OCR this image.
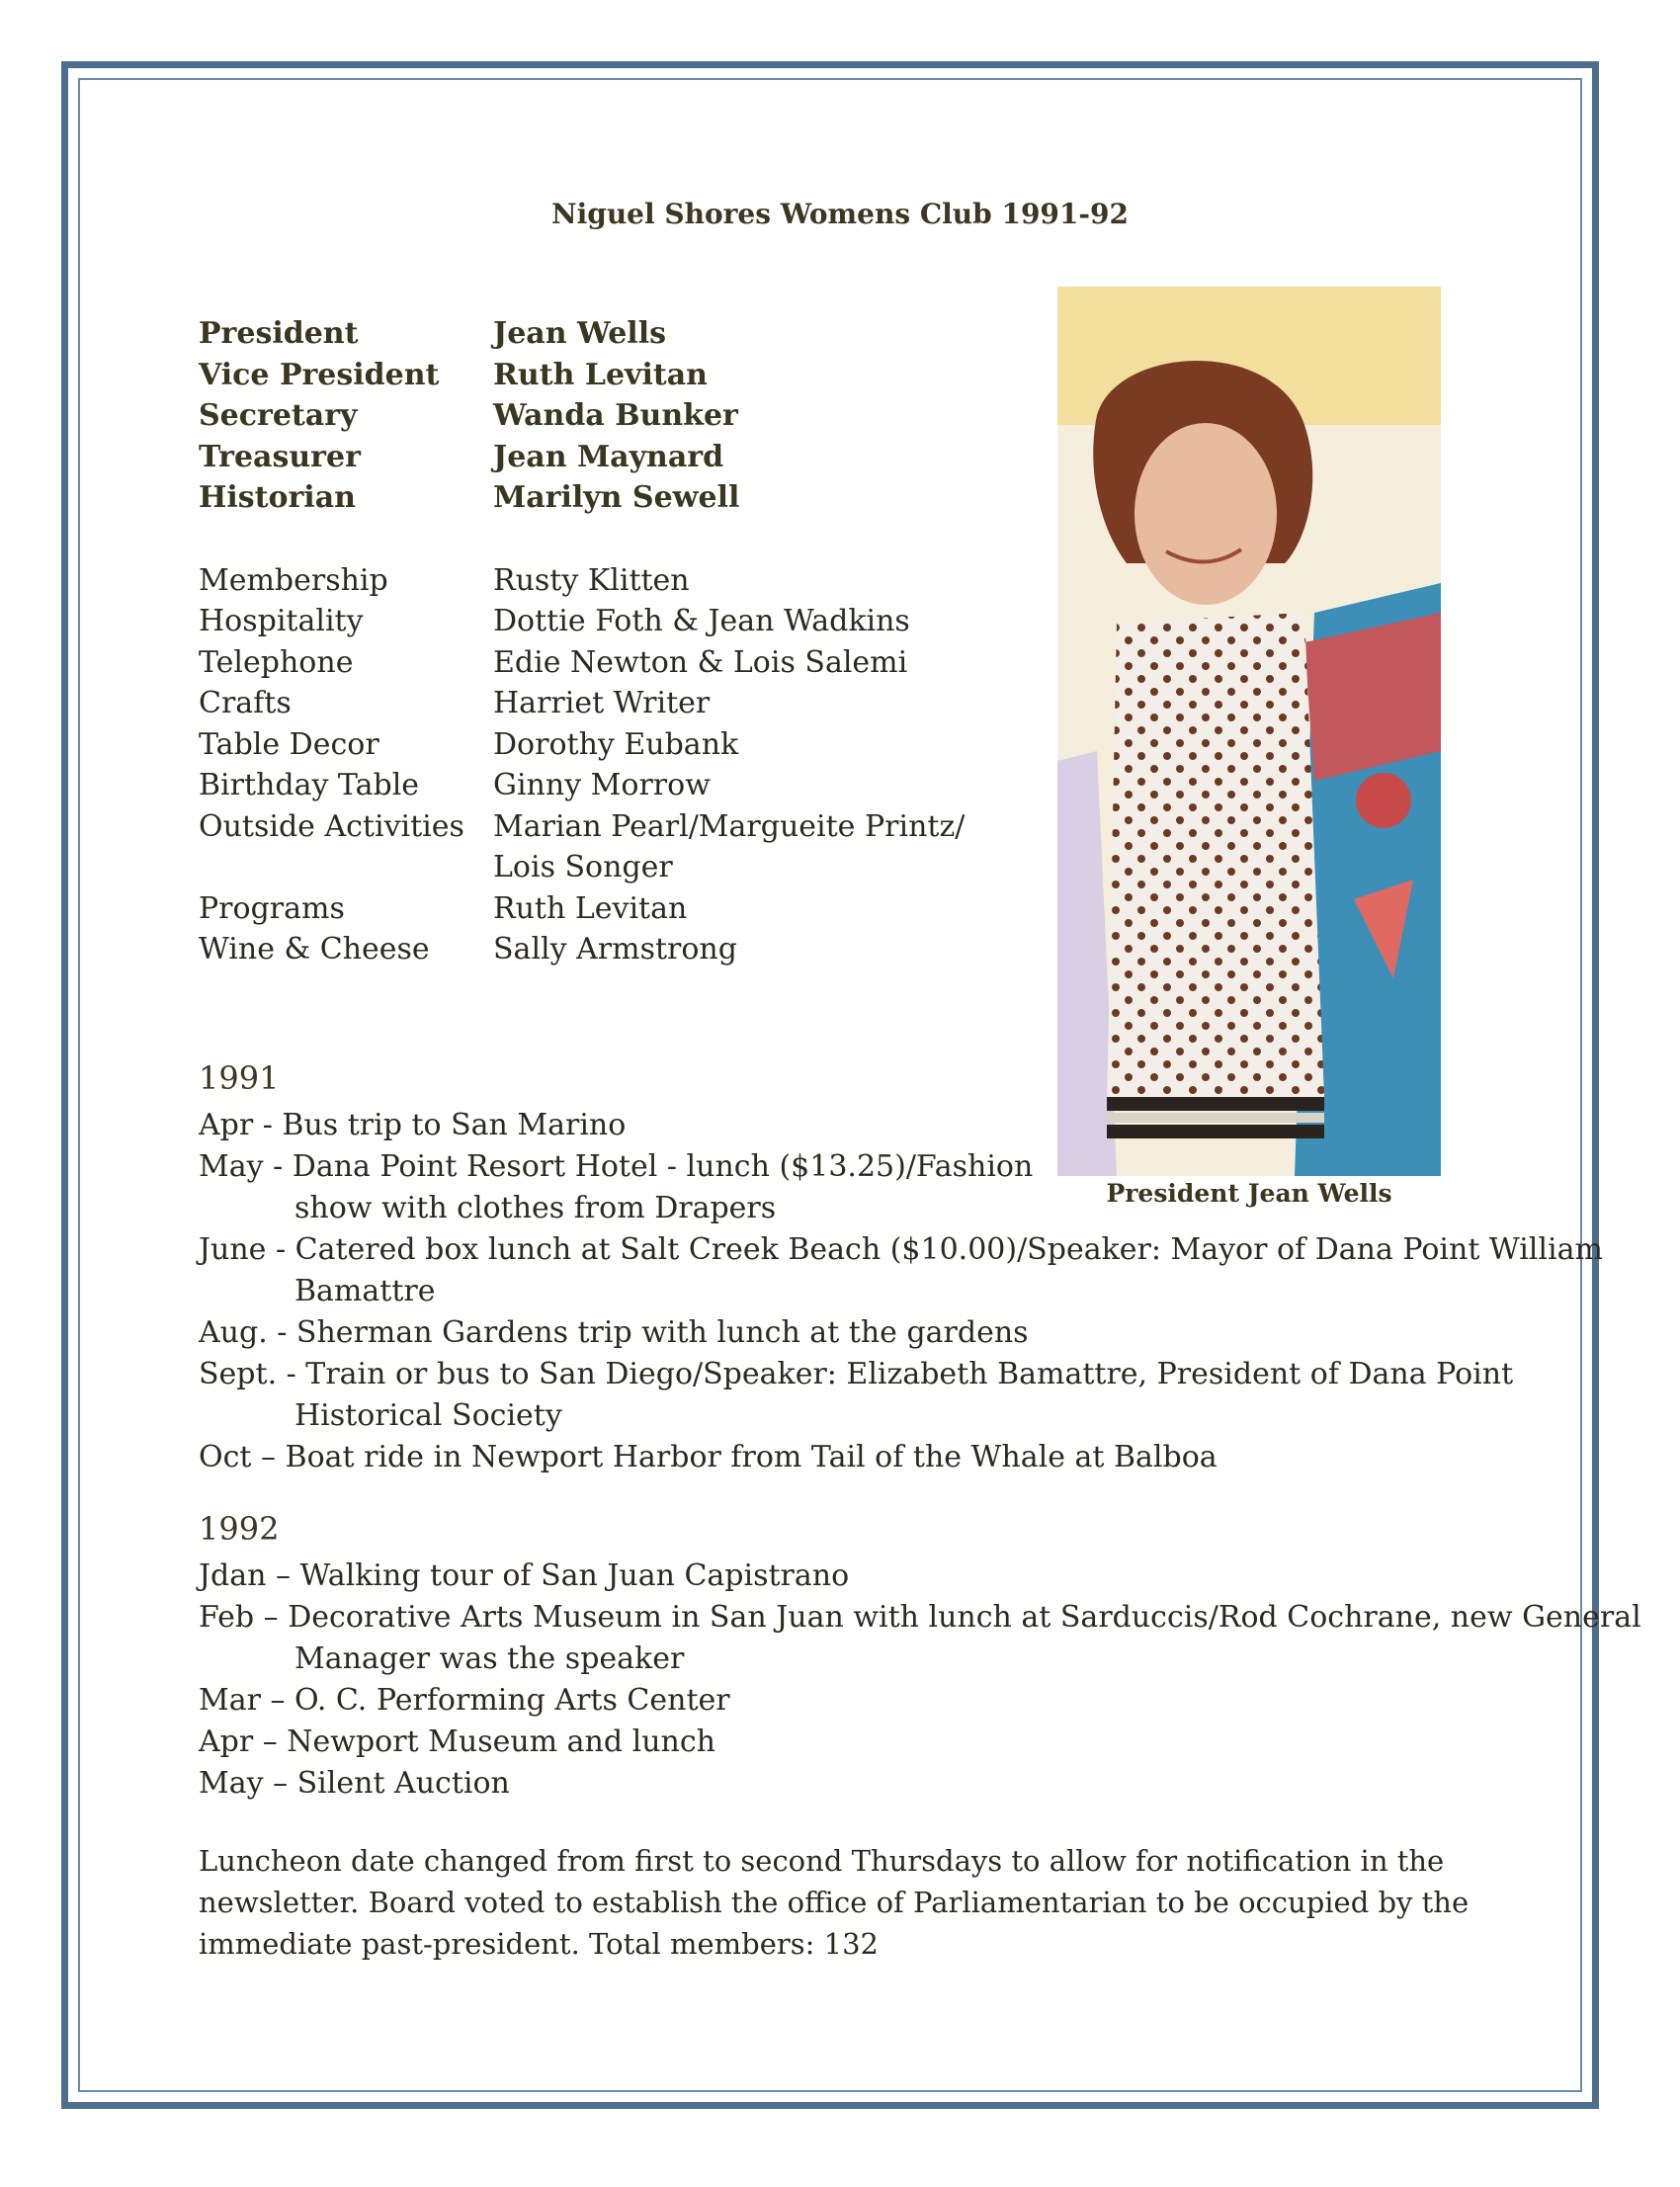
Niguel Shores Womens Club 1991-92
President	Jean Wells
Vice President Ruth Levitan
Secretary	Wanda Bunker
Treasurer	Jean Maynard
Historian	Marilyn Sewell
Membership	Rusty Klitten
Hospitality	Dottie Foth & Jean Wadkins
Telephone	Edie Newton & Lois Salemi
Crafts	Harriet Writer
Table Decor	Dorothy Eubank
Birthday Table Ginny Morrow
Outside Activities Marian Pearl/Margueite Printz/
Lois Songer
Programs	Ruth Levitan
Wine & Cheese Sally Armstrong
President Jean Wells
1991
Apr - Bus trip to San Marino
May - Dana Point Resort Hotel - lunch ($13.25)/Fashion
show with clothes from Drapers
June - Catered box lunch at Salt Creek Beach ($10.00)/Speaker: Mayor of Dana Point William
Bamattre
Aug. - Sherman Gardens trip with lunch at the gardens
Sept. - Train or bus to San Diego/Speaker: Elizabeth Bamattre, President of Dana Point
Historical Society
Oct – Boat ride in Newport Harbor from Tail of the Whale at Balboa
1992
Jdan – Walking tour of San Juan Capistrano
Feb – Decorative Arts Museum in San Juan with lunch at Sarduccis/Rod Cochrane, new General
Manager was the speaker
Mar – O. C. Performing Arts Center
Apr – Newport Museum and lunch
May – Silent Auction
Luncheon date changed from first to second Thursdays to allow for notification in the newsletter. Board voted to establish the office of Parliamentarian to be occupied by the immediate past-president. Total members: 132
